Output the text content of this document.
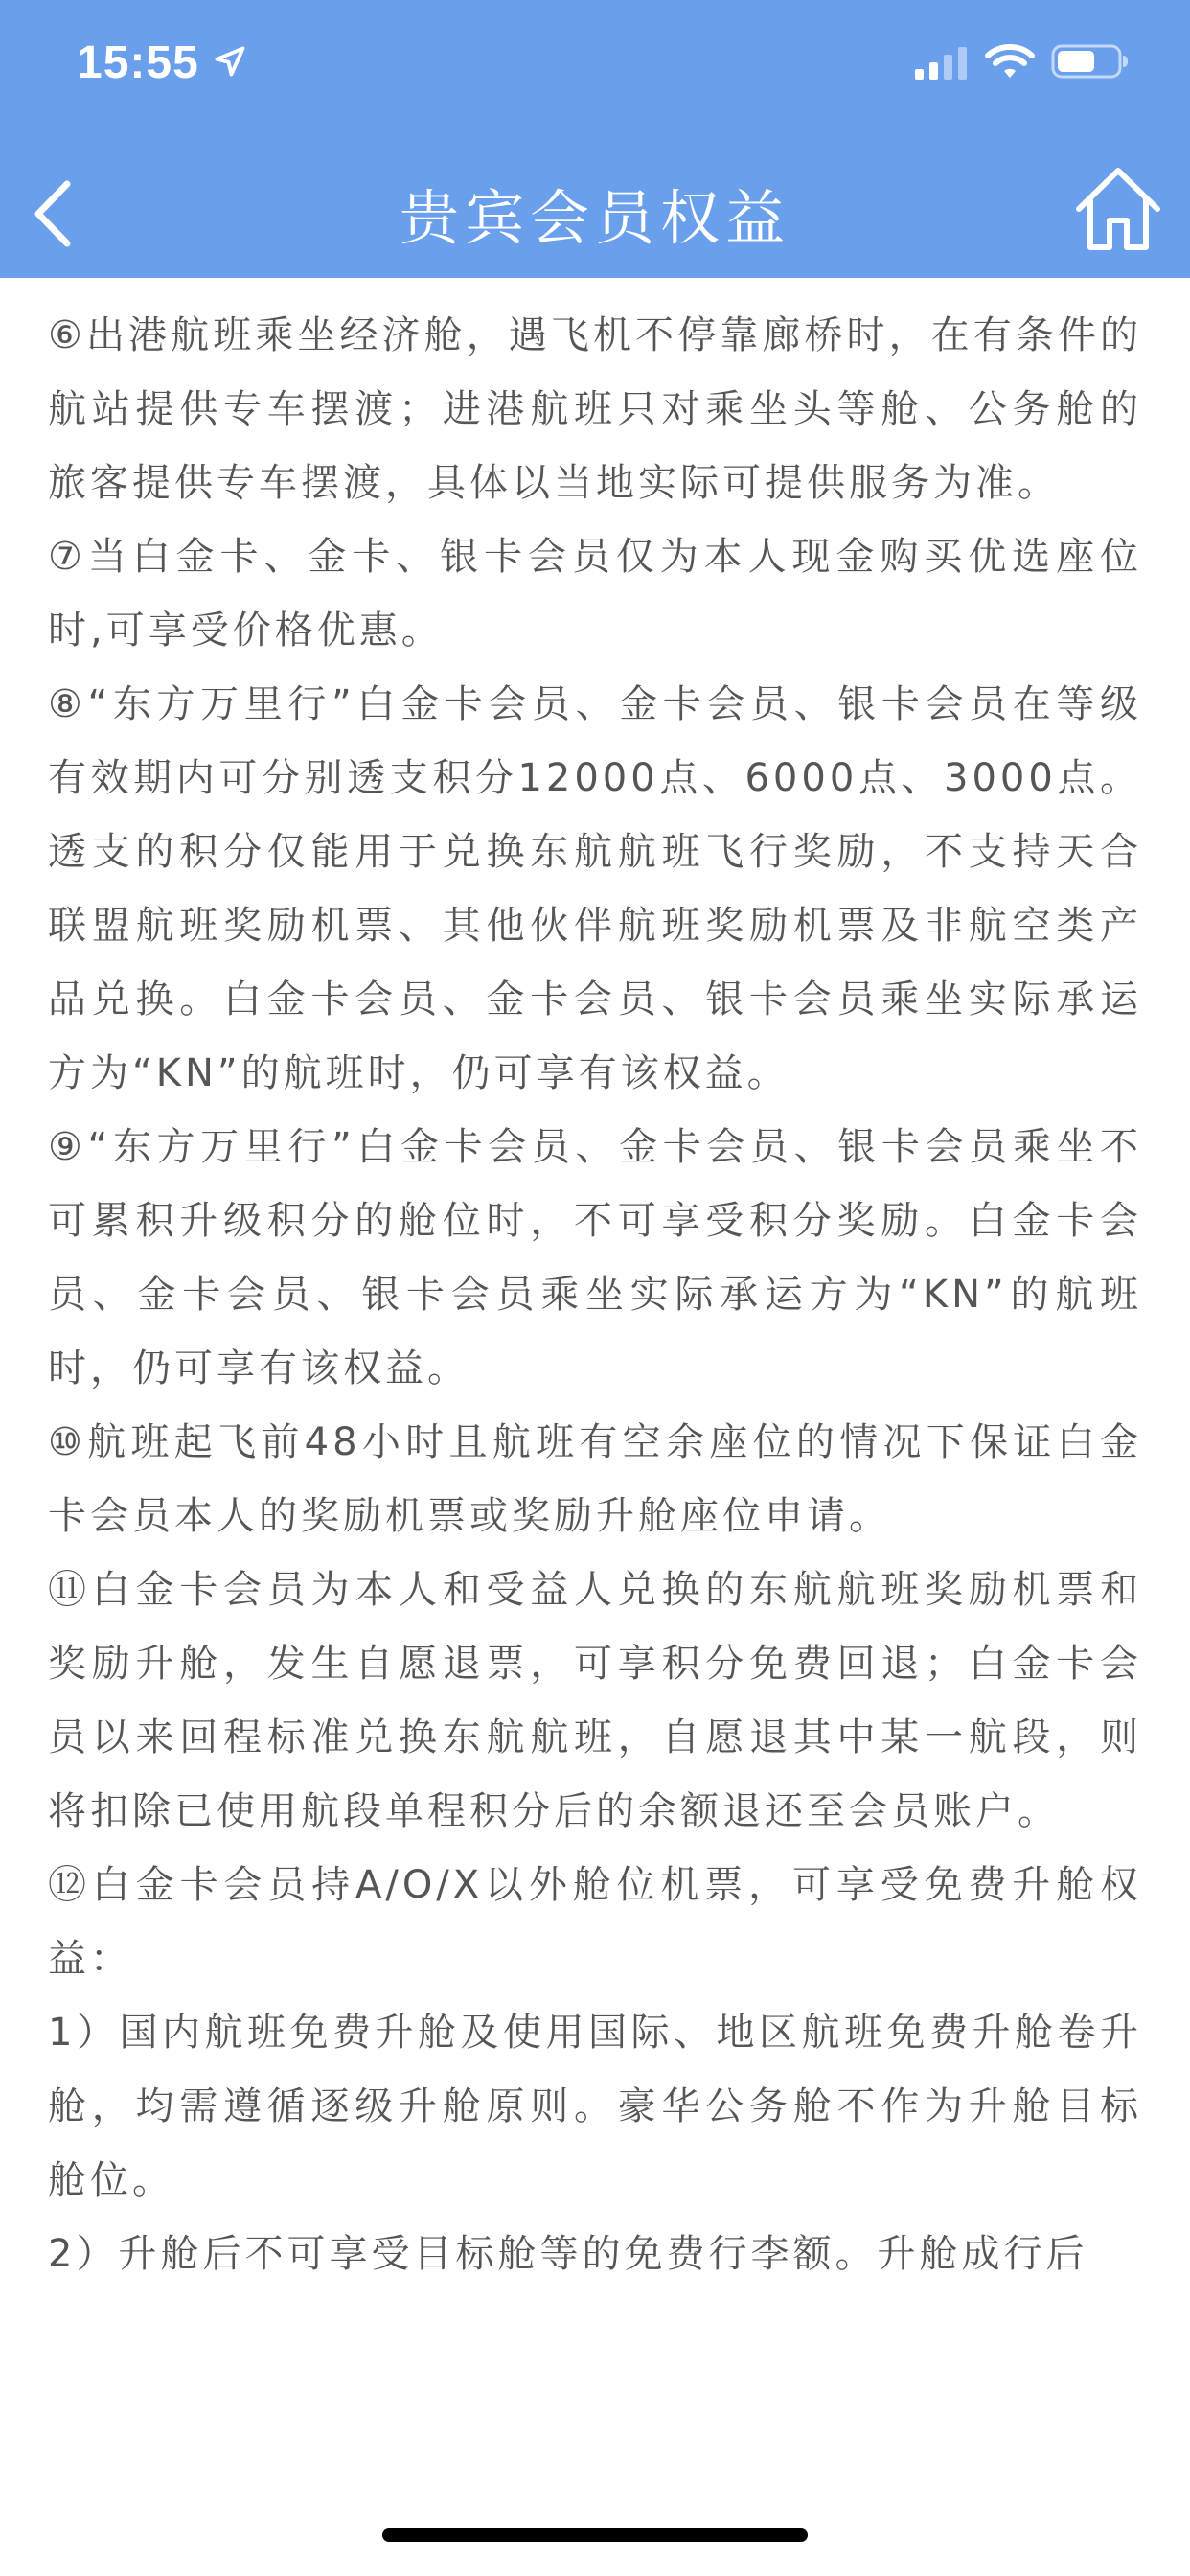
15:55
贵宾会员权益

⑥出港航班乘坐经济舱，遇飞机不停靠廊桥时，在有条件的航站提供专车摆渡；进港航班只对乘坐头等舱、公务舱的旅客提供专车摆渡，具体以当地实际可提供服务为准。

⑦当白金卡、金卡、银卡会员仅为本人现金购买优选座位时,可享受价格优惠。

⑧“东方万里行”白金卡会员、金卡会员、银卡会员在等级有效期内可分别透支积分12000点、6000点、3000点。透支的积分仅能用于兑换东航航班飞行奖励，不支持天合联盟航班奖励机票、其他伙伴航班奖励机票及非航空类产品兑换。白金卡会员、金卡会员、银卡会员乘坐实际承运方为“KN”的航班时，仍可享有该权益。

⑨“东方万里行”白金卡会员、金卡会员、银卡会员乘坐不可累积升级积分的舱位时，不可享受积分奖励。白金卡会员、金卡会员、银卡会员乘坐实际承运方为“KN”的航班时，仍可享有该权益。

⑩航班起飞前48小时且航班有空余座位的情况下保证白金卡会员本人的奖励机票或奖励升舱座位申请。

⑪白金卡会员为本人和受益人兑换的东航航班奖励机票和奖励升舱，发生自愿退票，可享积分免费回退；白金卡会员以来回程标准兑换东航航班，自愿退其中某一航段，则将扣除已使用航段单程积分后的余额退还至会员账户。

⑫白金卡会员持A/O/X以外舱位机票，可享受免费升舱权益：

1）国内航班免费升舱及使用国际、地区航班免费升舱卷升舱，均需遵循逐级升舱原则。豪华公务舱不作为升舱目标舱位。

2）升舱后不可享受目标舱等的免费行李额。升舱成行后
